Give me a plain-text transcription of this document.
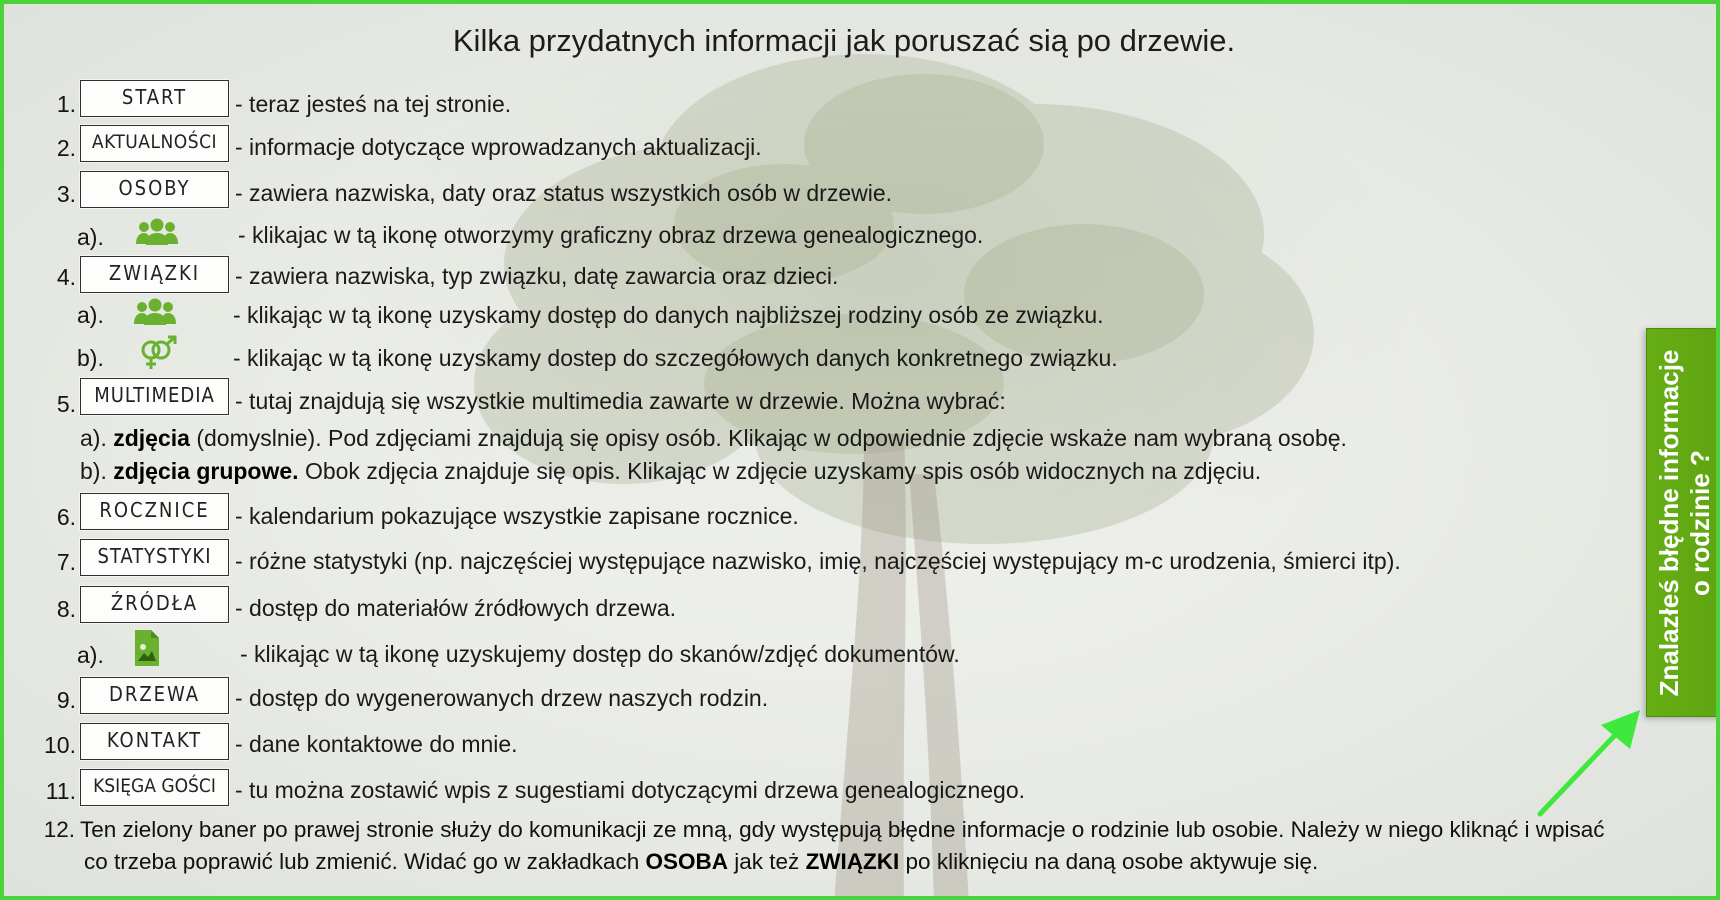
Kilka przydatnych informacji jak poruszać sią po drzewie.
1.	START	- teraz jesteś na tej stronie.
2. AKTUALNOŚCI - informacje dotyczące wprowadzanych aktualizacji.
3.	OSOBY	- zawiera nazwiska, daty oraz status wszystkich osób w drzewie.
a).	- klikajac w tą ikonę otworzymy graficzny obraz drzewa genealogicznego.
4.	ZWIĄZKI	- zawiera nazwiska, typ związku, datę zawarcia oraz dzieci.
a).	- klikając w tą ikonę uzyskamy dostęp do danych najbliższej rodziny osób ze związku.
b).	- klikając w tą ikonę uzyskamy dostep do szczegółowych danych konkretnego związku.
5. MULTIMEDIA - tutaj znajdują się wszystkie multimedia zawarte w drzewie. Można wybrać:
a). zdjęcia (domyslnie). Pod zdjęciami znajdują się opisy osób. Klikając w odpowiednie zdjęcie wskaże nam wybraną osobę.
b). zdjęcia grupowe. Obok zdjęcia znajduje się opis. Klikając w zdjęcie uzyskamy spis osób widocznych na zdjęciu.
6.	ROCZNICE	- kalendarium pokazujące wszystkie zapisane rocznice.
7.	STATYSTYKI	- różne statystyki (np. najczęściej występujące nazwisko, imię, najczęściej występujący m-c urodzenia, śmierci itp).
8.	ŹRÓDŁA	- dostęp do materiałów źródłowych drzewa.
a).	- klikając w tą ikonę uzyskujemy dostęp do skanów/zdjęć dokumentów.
9.	DRZEWA	- dostęp do wygenerowanych drzew naszych rodzin.
10.	KONTAKT	- dane kontaktowe do mnie.
11. KSIĘGA GOŚCI - tu można zostawić wpis z sugestiami dotyczącymi drzewa genealogicznego.
12. Ten zielony baner po prawej stronie służy do komunikacji ze mną, gdy występują błędne informacje o rodzinie lub osobie. Należy w niego kliknąć i wpisać
co trzeba poprawić lub zmienić. Widać go w zakładkach OSOBA jak też ZWIĄZKI po kliknięciu na daną osobe aktywuje się.
Znalazłeś błędne informacje o rodzinie ?
